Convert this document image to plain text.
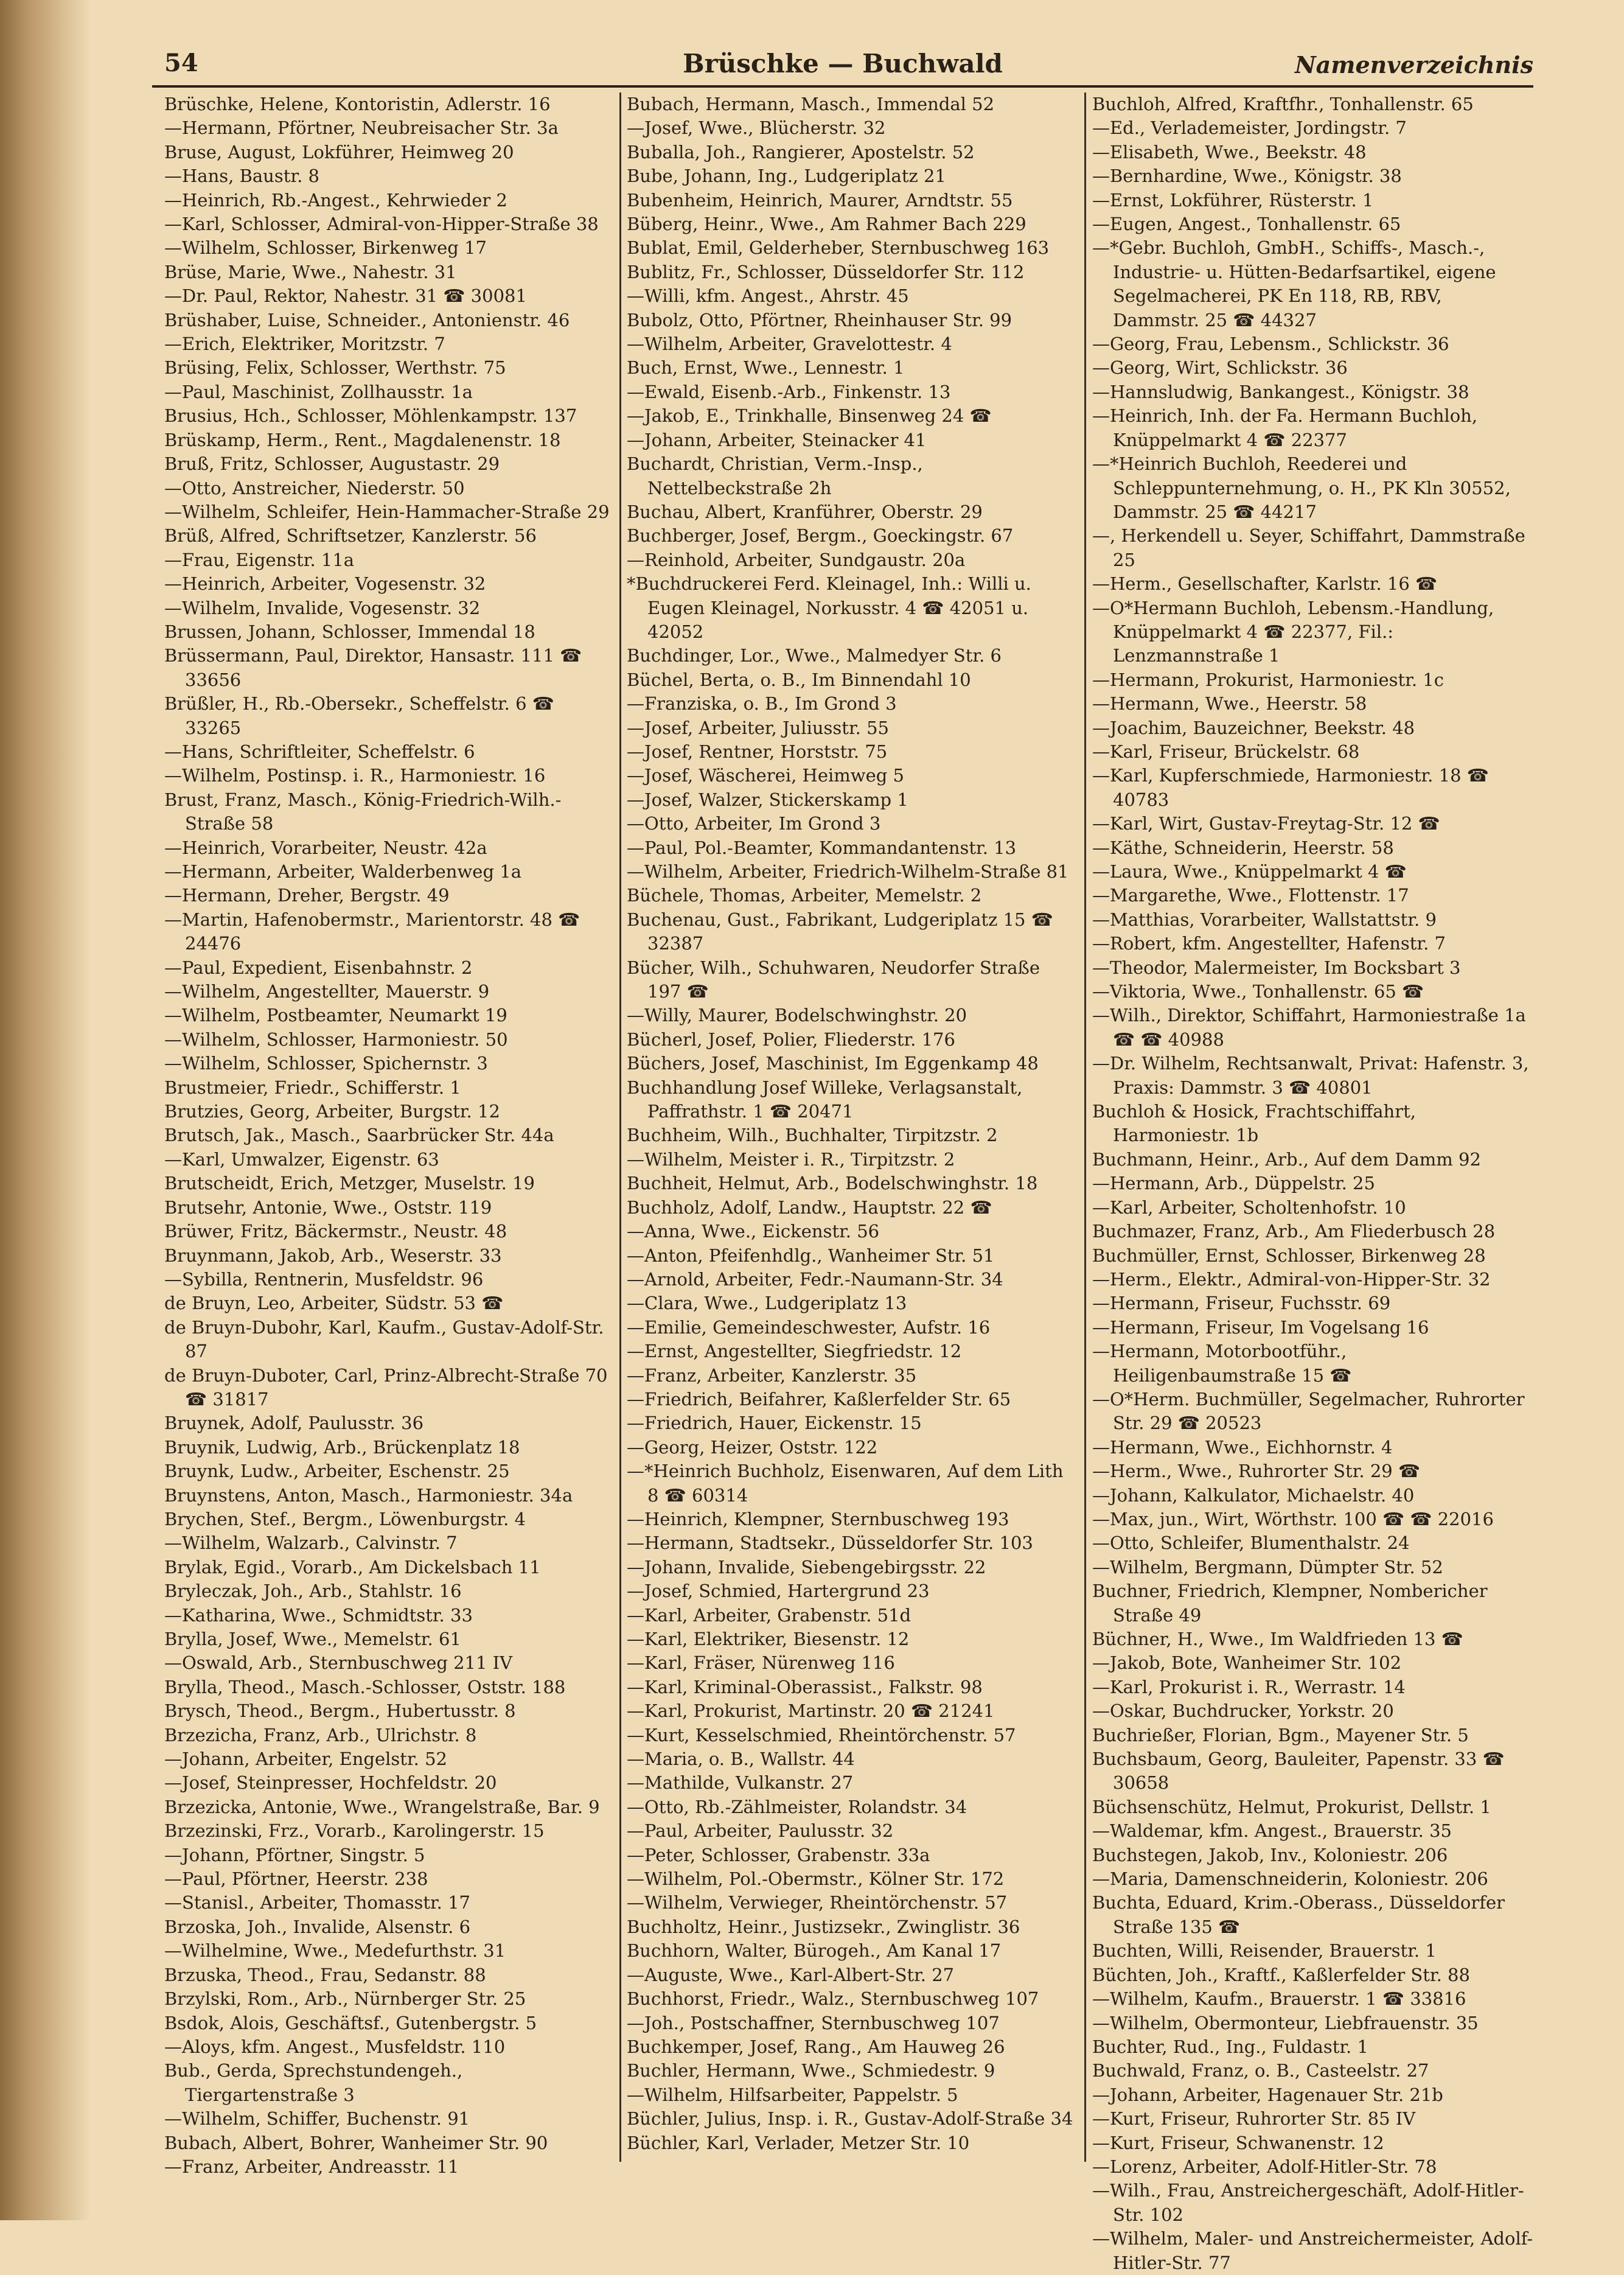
54	Brüschke — Buchwald	Namenverzeichnis
Brüschke, Helene, Kontoristin, Adlerstr. 16
—Hermann, Pförtner, Neubreisacher Str. 3a
Bruse, August, Lokführer, Heimweg 20
—Hans, Baustr. 8
—Heinrich, Rb.-Angest., Kehrwieder 2
—Karl, Schlosser, Admiral-von-Hipper-Straße 38
—Wilhelm, Schlosser, Birkenweg 17
Brüse, Marie, Wwe., Nahestr. 31
—Dr. Paul, Rektor, Nahestr. 31 ☎ 30081
Brüshaber, Luise, Schneider., Antonienstr. 46
—Erich, Elektriker, Moritzstr. 7
Brüsing, Felix, Schlosser, Werthstr. 75
—Paul, Maschinist, Zollhausstr. 1a
Brusius, Hch., Schlosser, Möhlenkampstr. 137
Brüskamp, Herm., Rent., Magdalenenstr. 18
Bruß, Fritz, Schlosser, Augustastr. 29
—Otto, Anstreicher, Niederstr. 50
—Wilhelm, Schleifer, Hein-Hammacher-Straße 29
Brüß, Alfred, Schriftsetzer, Kanzlerstr. 56
—Frau, Eigenstr. 11a
—Heinrich, Arbeiter, Vogesenstr. 32
—Wilhelm, Invalide, Vogesenstr. 32
Brussen, Johann, Schlosser, Immendal 18
Brüssermann, Paul, Direktor, Hansastr. 111 ☎ 33656
Brüßler, H., Rb.-Obersekr., Scheffelstr. 6 ☎ 33265
—Hans, Schriftleiter, Scheffelstr. 6
—Wilhelm, Postinsp. i. R., Harmoniestr. 16
Brust, Franz, Masch., König-Friedrich-Wilh.-Straße 58
—Heinrich, Vorarbeiter, Neustr. 42a
—Hermann, Arbeiter, Walderbenweg 1a
—Hermann, Dreher, Bergstr. 49
—Martin, Hafenobermstr., Marientorstr. 48 ☎ 24476
—Paul, Expedient, Eisenbahnstr. 2
—Wilhelm, Angestellter, Mauerstr. 9
—Wilhelm, Postbeamter, Neumarkt 19
—Wilhelm, Schlosser, Harmoniestr. 50
—Wilhelm, Schlosser, Spichernstr. 3
Brustmeier, Friedr., Schifferstr. 1
Brutzies, Georg, Arbeiter, Burgstr. 12
Brutsch, Jak., Masch., Saarbrücker Str. 44a
—Karl, Umwalzer, Eigenstr. 63
Brutscheidt, Erich, Metzger, Muselstr. 19
Brutsehr, Antonie, Wwe., Oststr. 119
Brüwer, Fritz, Bäckermstr., Neustr. 48
Bruynmann, Jakob, Arb., Weserstr. 33
—Sybilla, Rentnerin, Musfeldstr. 96
de Bruyn, Leo, Arbeiter, Südstr. 53 ☎
de Bruyn-Dubohr, Karl, Kaufm., Gustav-Adolf-Str. 87
de Bruyn-Duboter, Carl, Prinz-Albrecht-Straße 70 ☎ 31817
Bruynek, Adolf, Paulusstr. 36
Bruynik, Ludwig, Arb., Brückenplatz 18
Bruynk, Ludw., Arbeiter, Eschenstr. 25
Bruynstens, Anton, Masch., Harmoniestr. 34a
Brychen, Stef., Bergm., Löwenburgstr. 4
—Wilhelm, Walzarb., Calvinstr. 7
Brylak, Egid., Vorarb., Am Dickelsbach 11
Bryleczak, Joh., Arb., Stahlstr. 16
—Katharina, Wwe., Schmidtstr. 33
Brylla, Josef, Wwe., Memelstr. 61
—Oswald, Arb., Sternbuschweg 211 IV
Brylla, Theod., Masch.-Schlosser, Oststr. 188
Brysch, Theod., Bergm., Hubertusstr. 8
Brzezicha, Franz, Arb., Ulrichstr. 8
—Johann, Arbeiter, Engelstr. 52
—Josef, Steinpresser, Hochfeldstr. 20
Brzezicka, Antonie, Wwe., Wrangelstraße, Bar. 9
Brzezinski, Frz., Vorarb., Karolingerstr. 15
—Johann, Pförtner, Singstr. 5
—Paul, Pförtner, Heerstr. 238
—Stanisl., Arbeiter, Thomasstr. 17
Brzoska, Joh., Invalide, Alsenstr. 6
—Wilhelmine, Wwe., Medefurthstr. 31
Brzuska, Theod., Frau, Sedanstr. 88
Brzylski, Rom., Arb., Nürnberger Str. 25
Bsdok, Alois, Geschäftsf., Gutenbergstr. 5
—Aloys, kfm. Angest., Musfeldstr. 110
Bub., Gerda, Sprechstundengeh., Tiergartenstraße 3
—Wilhelm, Schiffer, Buchenstr. 91
Bubach, Albert, Bohrer, Wanheimer Str. 90
—Franz, Arbeiter, Andreasstr. 11
Bubach, Hermann, Masch., Immendal 52
—Josef, Wwe., Blücherstr. 32
Buballa, Joh., Rangierer, Apostelstr. 52
Bube, Johann, Ing., Ludgeriplatz 21
Bubenheim, Heinrich, Maurer, Arndtstr. 55
Büberg, Heinr., Wwe., Am Rahmer Bach 229
Bublat, Emil, Gelderheber, Sternbuschweg 163
Bublitz, Fr., Schlosser, Düsseldorfer Str. 112
—Willi, kfm. Angest., Ahrstr. 45
Bubolz, Otto, Pförtner, Rheinhauser Str. 99
—Wilhelm, Arbeiter, Gravelottestr. 4
Buch, Ernst, Wwe., Lennestr. 1
—Ewald, Eisenb.-Arb., Finkenstr. 13
—Jakob, E., Trinkhalle, Binsenweg 24 ☎
—Johann, Arbeiter, Steinacker 41
Buchardt, Christian, Verm.-Insp., Nettelbeckstraße 2h
Buchau, Albert, Kranführer, Oberstr. 29
Buchberger, Josef, Bergm., Goeckingstr. 67
—Reinhold, Arbeiter, Sundgaustr. 20a
*Buchdruckerei Ferd. Kleinagel, Inh.: Willi u. Eugen Kleinagel, Norkusstr. 4 ☎ 42051 u. 42052
Buchdinger, Lor., Wwe., Malmedyer Str. 6
Büchel, Berta, o. B., Im Binnendahl 10
—Franziska, o. B., Im Grond 3
—Josef, Arbeiter, Juliusstr. 55
—Josef, Rentner, Horststr. 75
—Josef, Wäscherei, Heimweg 5
—Josef, Walzer, Stickerskamp 1
—Otto, Arbeiter, Im Grond 3
—Paul, Pol.-Beamter, Kommandantenstr. 13
—Wilhelm, Arbeiter, Friedrich-Wilhelm-Straße 81
Büchele, Thomas, Arbeiter, Memelstr. 2
Buchenau, Gust., Fabrikant, Ludgeriplatz 15 ☎ 32387
Bücher, Wilh., Schuhwaren, Neudorfer Straße 197 ☎
—Willy, Maurer, Bodelschwinghstr. 20
Bücherl, Josef, Polier, Fliederstr. 176
Büchers, Josef, Maschinist, Im Eggenkamp 48
Buchhandlung Josef Willeke, Verlagsanstalt, Paffrathstr. 1 ☎ 20471
Buchheim, Wilh., Buchhalter, Tirpitzstr. 2
—Wilhelm, Meister i. R., Tirpitzstr. 2
Buchheit, Helmut, Arb., Bodelschwinghstr. 18
Buchholz, Adolf, Landw., Hauptstr. 22 ☎
—Anna, Wwe., Eickenstr. 56
—Anton, Pfeifenhdlg., Wanheimer Str. 51
—Arnold, Arbeiter, Fedr.-Naumann-Str. 34
—Clara, Wwe., Ludgeriplatz 13
—Emilie, Gemeindeschwester, Aufstr. 16
—Ernst, Angestellter, Siegfriedstr. 12
—Franz, Arbeiter, Kanzlerstr. 35
—Friedrich, Beifahrer, Kaßlerfelder Str. 65
—Friedrich, Hauer, Eickenstr. 15
—Georg, Heizer, Oststr. 122
—*Heinrich Buchholz, Eisenwaren, Auf dem Lith 8 ☎ 60314
—Heinrich, Klempner, Sternbuschweg 193
—Hermann, Stadtsekr., Düsseldorfer Str. 103
—Johann, Invalide, Siebengebirgsstr. 22
—Josef, Schmied, Hartergrund 23
—Karl, Arbeiter, Grabenstr. 51d
—Karl, Elektriker, Biesenstr. 12
—Karl, Fräser, Nürenweg 116
—Karl, Kriminal-Oberassist., Falkstr. 98
—Karl, Prokurist, Martinstr. 20 ☎ 21241
—Kurt, Kesselschmied, Rheintörchenstr. 57
—Maria, o. B., Wallstr. 44
—Mathilde, Vulkanstr. 27
—Otto, Rb.-Zählmeister, Rolandstr. 34
—Paul, Arbeiter, Paulusstr. 32
—Peter, Schlosser, Grabenstr. 33a
—Wilhelm, Pol.-Obermstr., Kölner Str. 172
—Wilhelm, Verwieger, Rheintörchenstr. 57
Buchholtz, Heinr., Justizsekr., Zwinglistr. 36
Buchhorn, Walter, Bürogeh., Am Kanal 17
—Auguste, Wwe., Karl-Albert-Str. 27
Buchhorst, Friedr., Walz., Sternbuschweg 107
—Joh., Postschaffner, Sternbuschweg 107
Buchkemper, Josef, Rang., Am Hauweg 26
Buchler, Hermann, Wwe., Schmiedestr. 9
—Wilhelm, Hilfsarbeiter, Pappelstr. 5
Büchler, Julius, Insp. i. R., Gustav-Adolf-Straße 34
Büchler, Karl, Verlader, Metzer Str. 10
Buchloh, Alfred, Kraftfhr., Tonhallenstr. 65
—Ed., Verlademeister, Jordingstr. 7
—Elisabeth, Wwe., Beekstr. 48
—Bernhardine, Wwe., Königstr. 38
—Ernst, Lokführer, Rüsterstr. 1
—Eugen, Angest., Tonhallenstr. 65
—*Gebr. Buchloh, GmbH., Schiffs-, Masch.-, Industrie- u. Hütten-Bedarfsartikel, eigene Segelmacherei, PK En 118, RB, RBV, Dammstr. 25 ☎ 44327
—Georg, Frau, Lebensm., Schlickstr. 36
—Georg, Wirt, Schlickstr. 36
—Hannsludwig, Bankangest., Königstr. 38
—Heinrich, Inh. der Fa. Hermann Buchloh, Knüppelmarkt 4 ☎ 22377
—*Heinrich Buchloh, Reederei und Schleppunternehmung, o. H., PK Kln 30552, Dammstr. 25 ☎ 44217
—, Herkendell u. Seyer, Schiffahrt, Dammstraße 25
—Herm., Gesellschafter, Karlstr. 16 ☎
—O*Hermann Buchloh, Lebensm.-Handlung, Knüppelmarkt 4 ☎ 22377, Fil.: Lenzmannstraße 1
—Hermann, Prokurist, Harmoniestr. 1c
—Hermann, Wwe., Heerstr. 58
—Joachim, Bauzeichner, Beekstr. 48
—Karl, Friseur, Brückelstr. 68
—Karl, Kupferschmiede, Harmoniestr. 18 ☎ 40783
—Karl, Wirt, Gustav-Freytag-Str. 12 ☎
—Käthe, Schneiderin, Heerstr. 58
—Laura, Wwe., Knüppelmarkt 4 ☎
—Margarethe, Wwe., Flottenstr. 17
—Matthias, Vorarbeiter, Wallstattstr. 9
—Robert, kfm. Angestellter, Hafenstr. 7
—Theodor, Malermeister, Im Bocksbart 3
—Viktoria, Wwe., Tonhallenstr. 65 ☎
—Wilh., Direktor, Schiffahrt, Harmoniestraße 1a ☎ ☎ 40988
—Dr. Wilhelm, Rechtsanwalt, Privat: Hafenstr. 3, Praxis: Dammstr. 3 ☎ 40801
Buchloh & Hosick, Frachtschiffahrt, Harmoniestr. 1b
Buchmann, Heinr., Arb., Auf dem Damm 92
—Hermann, Arb., Düppelstr. 25
—Karl, Arbeiter, Scholtenhofstr. 10
Buchmazer, Franz, Arb., Am Fliederbusch 28
Buchmüller, Ernst, Schlosser, Birkenweg 28
—Herm., Elektr., Admiral-von-Hipper-Str. 32
—Hermann, Friseur, Fuchsstr. 69
—Hermann, Friseur, Im Vogelsang 16
—Hermann, Motorbootführ., Heiligenbaumstraße 15 ☎
—O*Herm. Buchmüller, Segelmacher, Ruhrorter Str. 29 ☎ 20523
—Hermann, Wwe., Eichhornstr. 4
—Herm., Wwe., Ruhrorter Str. 29 ☎
—Johann, Kalkulator, Michaelstr. 40
—Max, jun., Wirt, Wörthstr. 100 ☎ ☎ 22016
—Otto, Schleifer, Blumenthalstr. 24
—Wilhelm, Bergmann, Dümpter Str. 52
Buchner, Friedrich, Klempner, Nombericher Straße 49
Büchner, H., Wwe., Im Waldfrieden 13 ☎
—Jakob, Bote, Wanheimer Str. 102
—Karl, Prokurist i. R., Werrastr. 14
—Oskar, Buchdrucker, Yorkstr. 20
Buchrießer, Florian, Bgm., Mayener Str. 5
Buchsbaum, Georg, Bauleiter, Papenstr. 33 ☎ 30658
Büchsenschütz, Helmut, Prokurist, Dellstr. 1
—Waldemar, kfm. Angest., Brauerstr. 35
Buchstegen, Jakob, Inv., Koloniestr. 206
—Maria, Damenschneiderin, Koloniestr. 206
Buchta, Eduard, Krim.-Oberass., Düsseldorfer Straße 135 ☎
Buchten, Willi, Reisender, Brauerstr. 1
Büchten, Joh., Kraftf., Kaßlerfelder Str. 88
—Wilhelm, Kaufm., Brauerstr. 1 ☎ 33816
—Wilhelm, Obermonteur, Liebfrauenstr. 35
Buchter, Rud., Ing., Fuldastr. 1
Buchwald, Franz, o. B., Casteelstr. 27
—Johann, Arbeiter, Hagenauer Str. 21b
—Kurt, Friseur, Ruhrorter Str. 85 IV
—Kurt, Friseur, Schwanenstr. 12
—Lorenz, Arbeiter, Adolf-Hitler-Str. 78
—Wilh., Frau, Anstreichergeschäft, Adolf-Hitler-Str. 102
—Wilhelm, Maler- und Anstreichermeister, Adolf-Hitler-Str. 77
